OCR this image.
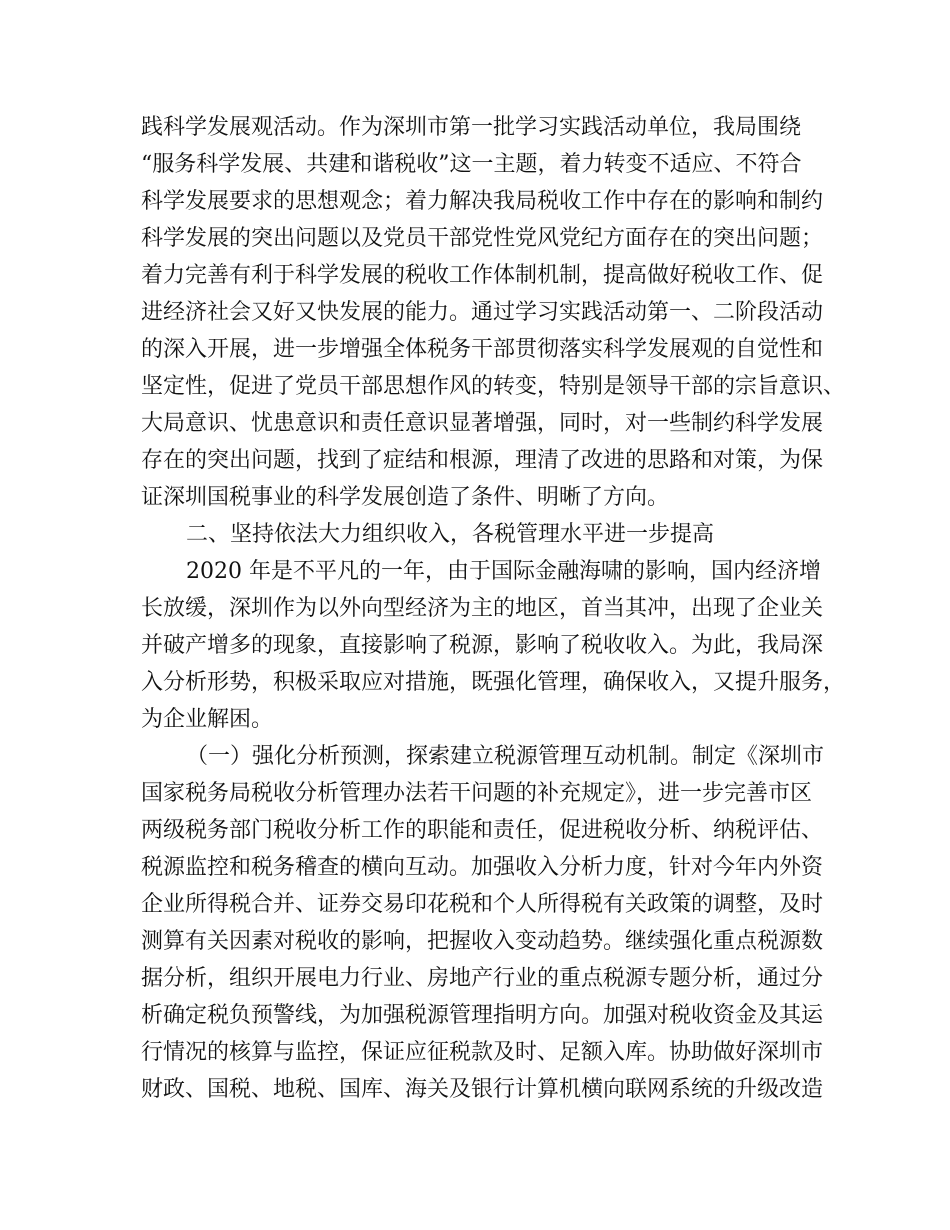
践科学发展观活动。作为深圳市第一批学习实践活动单位，我局围绕

“服务科学发展、共建和谐税收”这一主题，着力转变不适应、不符合

科学发展要求的思想观念；着力解决我局税收工作中存在的影响和制约

科学发展的突出问题以及党员干部党性党风党纪方面存在的突出问题；

着力完善有利于科学发展的税收工作体制机制，提高做好税收工作、促

进经济社会又好又快发展的能力。通过学习实践活动第一、二阶段活动

的深入开展，进一步增强全体税务干部贯彻落实科学发展观的自觉性和

坚定性，促进了党员干部思想作风的转变，特别是领导干部的宗旨意识、

大局意识、忧患意识和责任意识显著增强，同时，对一些制约科学发展

存在的突出问题，找到了症结和根源，理清了改进的思路和对策，为保

证深圳国税事业的科学发展创造了条件、明晰了方向。

二、坚持依法大力组织收入，各税管理水平进一步提高

2020 年是不平凡的一年，由于国际金融海啸的影响，国内经济增

长放缓，深圳作为以外向型经济为主的地区，首当其冲，出现了企业关

并破产增多的现象，直接影响了税源，影响了税收收入。为此，我局深

入分析形势，积极采取应对措施，既强化管理，确保收入，又提升服务，

为企业解困。

（一）强化分析预测，探索建立税源管理互动机制。制定《深圳市

国家税务局税收分析管理办法若干问题的补充规定》，进一步完善市区

两级税务部门税收分析工作的职能和责任，促进税收分析、纳税评估、

税源监控和税务稽查的横向互动。加强收入分析力度，针对今年内外资

企业所得税合并、证券交易印花税和个人所得税有关政策的调整，及时

测算有关因素对税收的影响，把握收入变动趋势。继续强化重点税源数

据分析，组织开展电力行业、房地产行业的重点税源专题分析，通过分

析确定税负预警线，为加强税源管理指明方向。加强对税收资金及其运

行情况的核算与监控，保证应征税款及时、足额入库。协助做好深圳市

财政、国税、地税、国库、海关及银行计算机横向联网系统的升级改造
